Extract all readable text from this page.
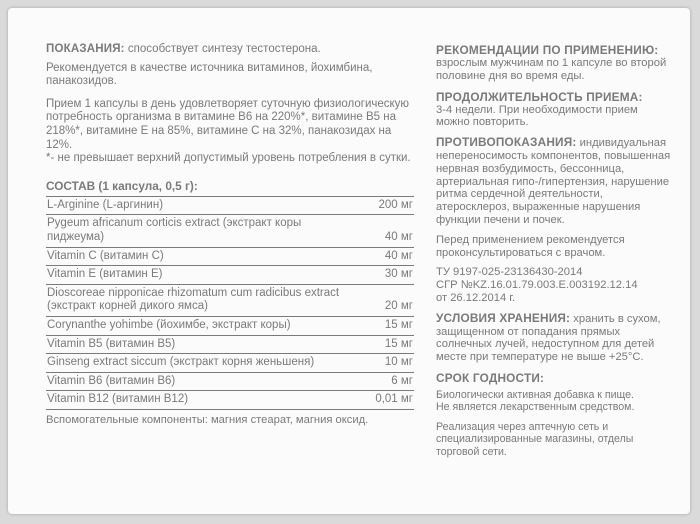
ПОКАЗАНИЯ: способствует синтезу тестостерона.

Рекомендуется в качестве источника витаминов, йохимбина, панакозидов.

Прием 1 капсулы в день удовлетворяет суточную физиологическую потребность организма в витамине В6 на 220%*, витамине В5 на 218%*, витамине Е на 85%, витамине С на 32%, панакозидах на 12%.

*- не превышает верхний допустимый уровень потребления в сутки.

СОСТАВ (1 капсула, 0,5 г):
L-Arginine (L-аргинин)	200 мг
Pygeum africanum corticis extract (экстракт коры пиджеума)	40 мг
Vitamin C (витамин С)	40 мг
Vitamin E (витамин Е)	30 мг
Dioscoreae nipponicae rhizomatum cum radicibus extract (экстракт корней дикого ямса)	20 мг
Corynanthe yohimbe (йохимбе, экстракт коры)	15 мг
Vitamin B5 (витамин B5)	15 мг
Ginseng extract siccum (экстракт корня женьшеня)	10 мг
Vitamin B6 (витамин B6)	6 мг
Vitamin B12 (витамин B12)	0,01 мг
Вспомогательные компоненты: магния стеарат, магния оксид.
РЕКОМЕНДАЦИИ ПО ПРИМЕНЕНИЮ:

взрослым мужчинам по 1 капсуле во второй половине дня во время еды.

ПРОДОЛЖИТЕЛЬНОСТЬ ПРИЕМА:

3-4 недели. При необходимости прием можно повторить.

ПРОТИВОПОКАЗАНИЯ: индивидуальная непереносимость компонентов, повышенная нервная возбудимость, бессонница, артериальная гипо-/гипертензия, нарушение ритма сердечной деятельности, атеросклероз, выраженные нарушения функции печени и почек.

Перед применением рекомендуется проконсультироваться с врачом.

ТУ 9197-025-23136430-2014

СГР №KZ.16.01.79.003.E.003192.12.14

от 26.12.2014 г.

УСЛОВИЯ ХРАНЕНИЯ: хранить в сухом, защищенном от попадания прямых солнечных лучей, недоступном для детей месте при температуре не выше +25°С.

СРОК ГОДНОСТИ:

Биологически активная добавка к пище.

Не является лекарственным средством.

Реализация через аптечную сеть и специализированные магазины, отделы торговой сети.
